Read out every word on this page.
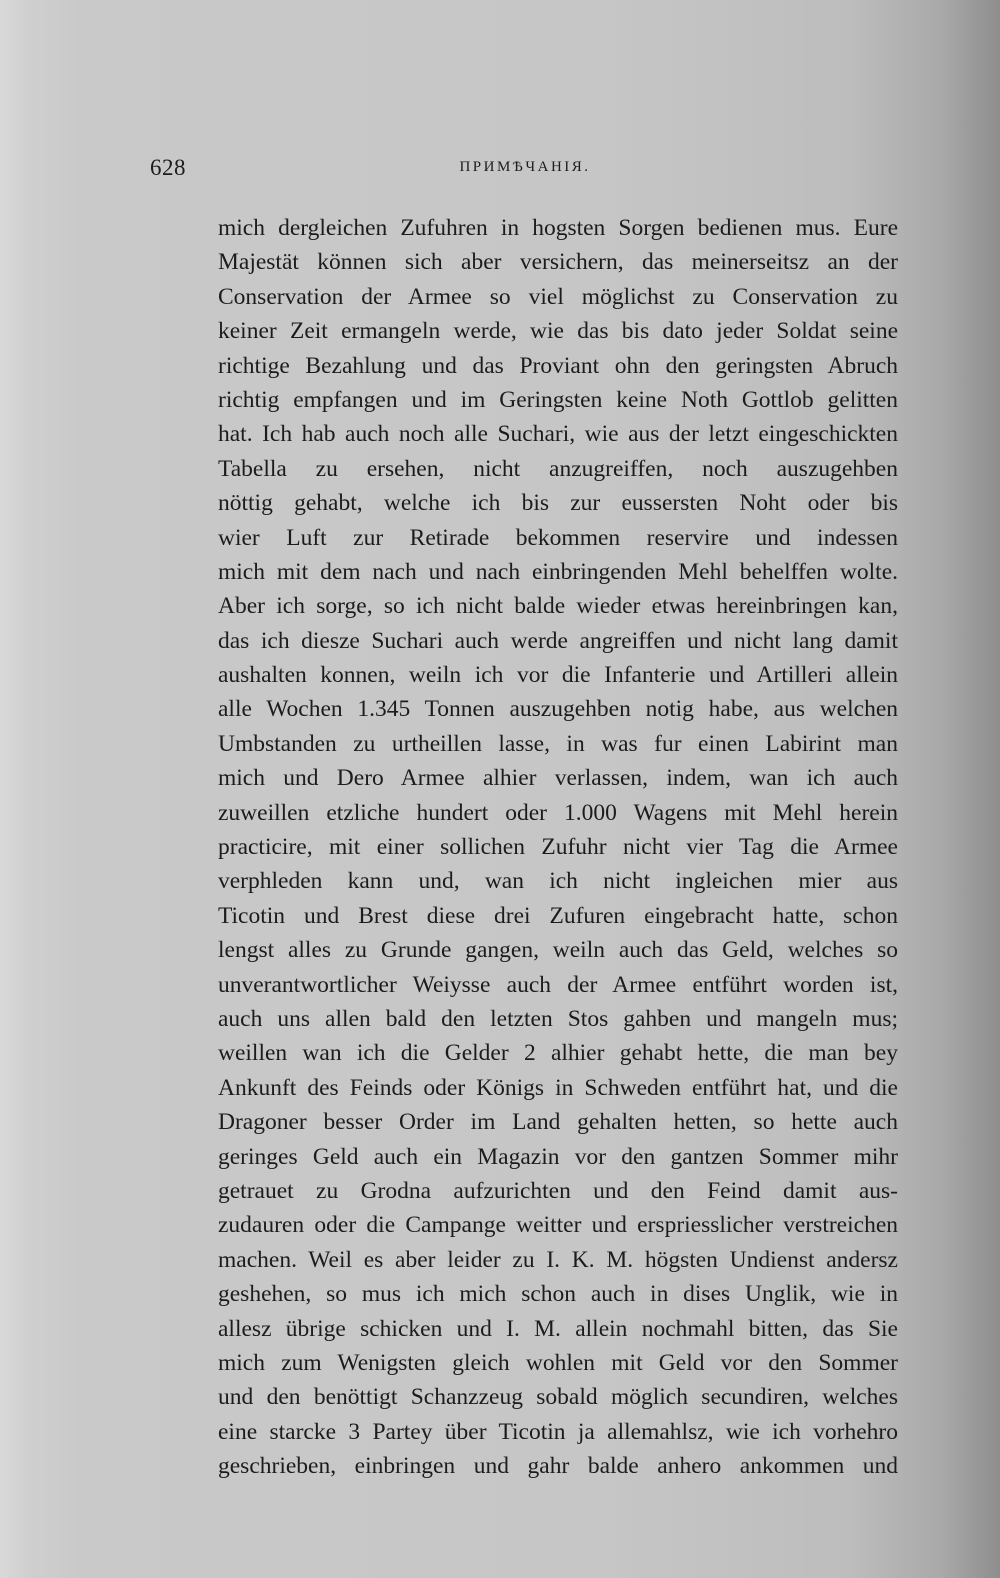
628	ПРИМѢЧАНIЯ.
mich dergleichen Zufuhren in hogsten Sorgen bedienen mus. Eure
Majestät können sich aber versichern, das meinerseitsz an der
Conservation der Armee so viel möglichst zu Conservation zu
keiner Zeit ermangeln werde, wie das bis dato jeder Soldat seine
richtige Bezahlung und das Proviant ohn den geringsten Abruch
richtig empfangen und im Geringsten keine Noth Gottlob gelitten
hat. Ich hab auch noch alle Suchari, wie aus der letzt eingeschickten
Tabella zu ersehen, nicht anzugreiffen, noch auszugehben
nöttig gehabt, welche ich bis zur eussersten Noht oder bis
wier Luft zur Retirade bekommen reservire und indessen
mich mit dem nach und nach einbringenden Mehl behelffen wolte.
Aber ich sorge, so ich nicht balde wieder etwas hereinbringen kan,
das ich diesze Suchari auch werde angreiffen und nicht lang damit
aushalten konnen, weiln ich vor die Infanterie und Artilleri allein
alle Wochen 1.345 Tonnen auszugehben notig habe, aus welchen
Umbstanden zu urtheillen lasse, in was fur einen Labirint man
mich und Dero Armee alhier verlassen, indem, wan ich auch
zuweillen etzliche hundert oder 1.000 Wagens mit Mehl herein
practicire, mit einer sollichen Zufuhr nicht vier Tag die Armee
verphleden kann und, wan ich nicht ingleichen mier aus
Ticotin und Brest diese drei Zufuren eingebracht hatte, schon
lengst alles zu Grunde gangen, weiln auch das Geld, welches so
unverantwortlicher Weiysse auch der Armee entführt worden ist,
auch uns allen bald den letzten Stos gahben und mangeln mus;
weillen wan ich die Gelder 2 alhier gehabt hette, die man bey
Ankunft des Feinds oder Königs in Schweden entführt hat, und die
Dragoner besser Order im Land gehalten hetten, so hette auch
geringes Geld auch ein Magazin vor den gantzen Sommer mihr
getrauet zu Grodna aufzurichten und den Feind damit aus-
zudauren oder die Campange weitter und erspriesslicher verstreichen
machen. Weil es aber leider zu I. K. M. högsten Undienst andersz
geshehen, so mus ich mich schon auch in dises Unglik, wie in
allesz übrige schicken und I. M. allein nochmahl bitten, das Sie
mich zum Wenigsten gleich wohlen mit Geld vor den Sommer
und den benöttigt Schanzzeug sobald möglich secundiren, welches
eine starcke 3 Partey über Ticotin ja allemahlsz, wie ich vorhehro
geschrieben, einbringen und gahr balde anhero ankommen und
